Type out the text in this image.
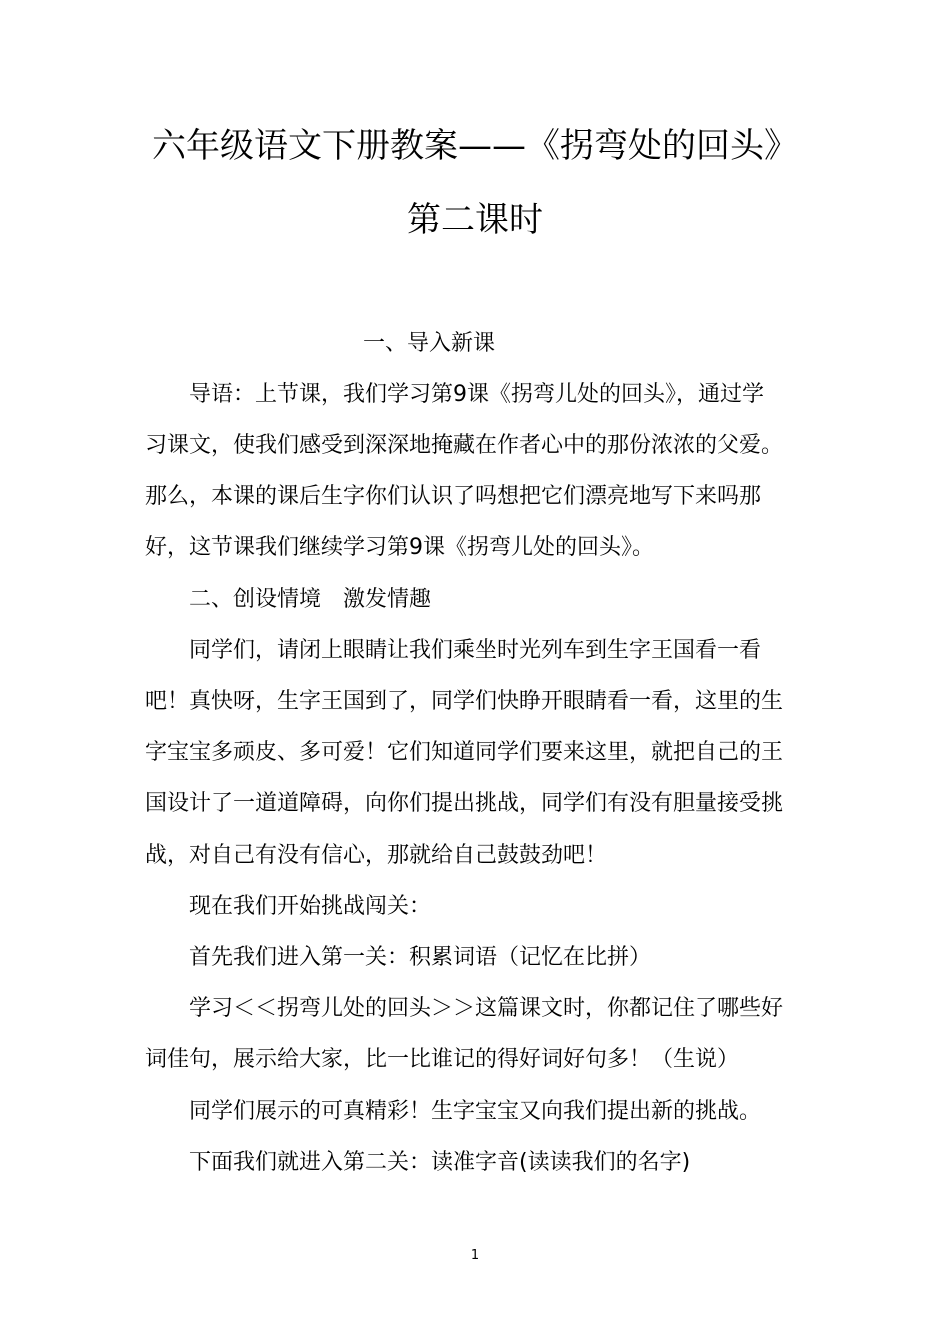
六年级语文下册教案——《拐弯处的回头》
第二课时
一、导入新课
导语：上节课，我们学习第9课《拐弯儿处的回头》，通过学
习课文，使我们感受到深深地掩藏在作者心中的那份浓浓的父爱。
那么，本课的课后生字你们认识了吗想把它们漂亮地写下来吗那
好，这节课我们继续学习第9课《拐弯儿处的回头》。
二、创设情境　激发情趣
同学们，请闭上眼睛让我们乘坐时光列车到生字王国看一看
吧！真快呀，生字王国到了，同学们快睁开眼睛看一看，这里的生
字宝宝多顽皮、多可爱！它们知道同学们要来这里，就把自己的王
国设计了一道道障碍，向你们提出挑战，同学们有没有胆量接受挑
战，对自己有没有信心，那就给自己鼓鼓劲吧！
现在我们开始挑战闯关：
首先我们进入第一关：积累词语（记忆在比拼）
学习＜＜拐弯儿处的回头＞＞这篇课文时，你都记住了哪些好
词佳句，展示给大家，比一比谁记的得好词好句多！（生说）
同学们展示的可真精彩！生字宝宝又向我们提出新的挑战。
下面我们就进入第二关：读准字音(读读我们的名字)
1
